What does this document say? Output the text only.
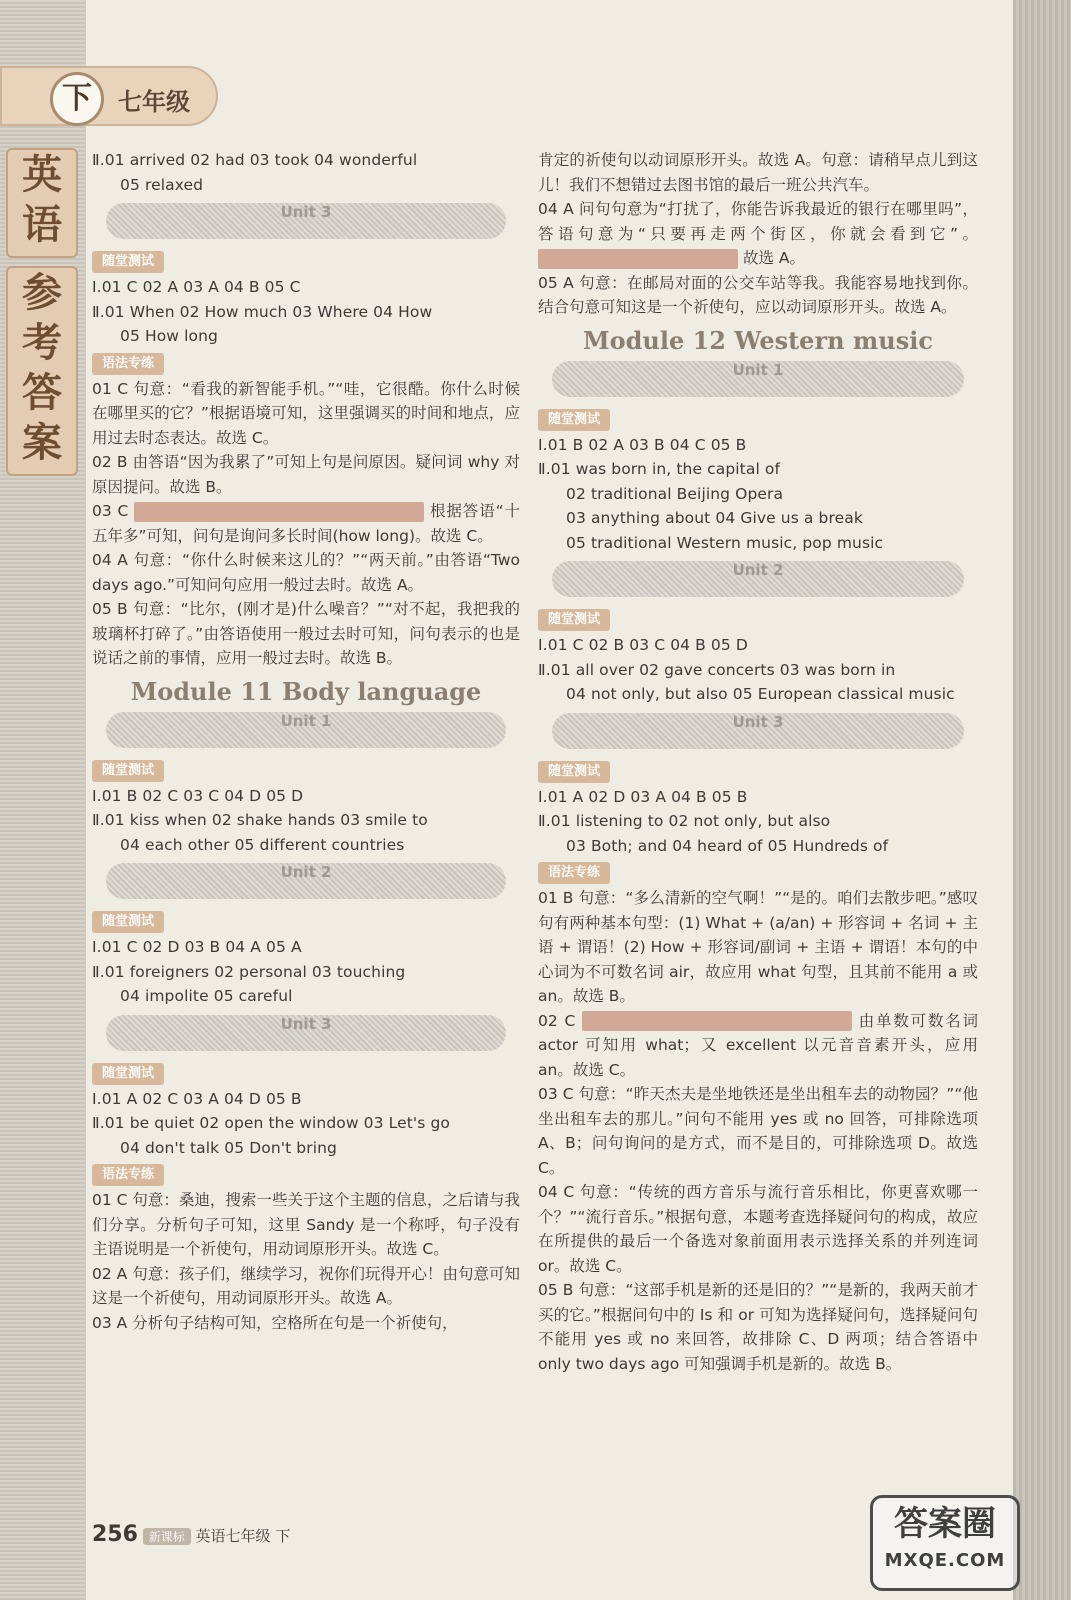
下	七年级
英语
参考答案
Ⅱ.01 arrived 02 had 03 took 04 wonderful
05 relaxed
Unit 3
随堂测试
Ⅰ.01 C 02 A 03 A 04 B 05 C
Ⅱ.01 When 02 How much 03 Where 04 How
05 How long
语法专练
01 C 句意：“看我的新智能手机。”“哇，它很酷。你什么时候在哪里买的它？”根据语境可知，这里强调买的时间和地点，应用过去时态表达。故选 C。
02 B 由答语“因为我累了”可知上句是问原因。疑问词 why 对原因提问。故选 B。
03 C	根据答语“十五年多”可知，问句是询问多长时间(how long)。故选 C。
04 A 句意：“你什么时候来这儿的？”“两天前。”由答语“Two days ago.”可知问句应用一般过去时。故选 A。
05 B 句意：“比尔，(刚才是)什么噪音？”“对不起，我把我的玻璃杯打碎了。”由答语使用一般过去时可知，问句表示的也是说话之前的事情，应用一般过去时。故选 B。
Module 11 Body language
Unit 1
随堂测试
Ⅰ.01 B 02 C 03 C 04 D 05 D
Ⅱ.01 kiss when 02 shake hands 03 smile to
04 each other 05 different countries
Unit 2
随堂测试
Ⅰ.01 C 02 D 03 B 04 A 05 A
Ⅱ.01 foreigners 02 personal 03 touching
04 impolite 05 careful
Unit 3
随堂测试
Ⅰ.01 A 02 C 03 A 04 D 05 B
Ⅱ.01 be quiet 02 open the window 03 Let's go
04 don't talk 05 Don't bring
语法专练
01 C 句意：桑迪，搜索一些关于这个主题的信息，之后请与我们分享。分析句子可知，这里 Sandy 是一个称呼，句子没有主语说明是一个祈使句，用动词原形开头。故选 C。
02 A 句意：孩子们，继续学习，祝你们玩得开心！由句意可知这是一个祈使句，用动词原形开头。故选 A。
03 A 分析句子结构可知，空格所在句是一个祈使句，
肯定的祈使句以动词原形开头。故选 A。句意：请稍早点儿到这儿！我们不想错过去图书馆的最后一班公共汽车。
04 A 问句句意为“打扰了，你能告诉我最近的银行在哪里吗”，答语句意为“只要再走两个街区，你就会看到它”。  故选 A。
05 A 句意：在邮局对面的公交车站等我。我能容易地找到你。结合句意可知这是一个祈使句，应以动词原形开头。故选 A。
Module 12 Western music
Unit 1
随堂测试
Ⅰ.01 B 02 A 03 B 04 C 05 B
Ⅱ.01 was born in, the capital of
02 traditional Beijing Opera
03 anything about 04 Give us a break
05 traditional Western music, pop music
Unit 2
随堂测试
Ⅰ.01 C 02 B 03 C 04 B 05 D
Ⅱ.01 all over 02 gave concerts 03 was born in
04 not only, but also 05 European classical music
Unit 3
随堂测试
Ⅰ.01 A 02 D 03 A 04 B 05 B
Ⅱ.01 listening to 02 not only, but also
03 Both; and 04 heard of 05 Hundreds of
语法专练
01 B 句意：“多么清新的空气啊！”“是的。咱们去散步吧。”感叹句有两种基本句型：(1) What + (a/an) + 形容词 + 名词 + 主语 + 谓语！(2) How + 形容词/副词 + 主语 + 谓语！本句的中心词为不可数名词 air，故应用 what 句型，且其前不能用 a 或 an。故选 B。
02 C	由单数可数名词 actor 可知用 what；又 excellent 以元音音素开头，应用 an。故选 C。
03 C 句意：“昨天杰夫是坐地铁还是坐出租车去的动物园？”“他坐出租车去的那儿。”问句不能用 yes 或 no 回答，可排除选项 A、B；问句询问的是方式，而不是目的，可排除选项 D。故选 C。
04 C 句意：“传统的西方音乐与流行音乐相比，你更喜欢哪一个？”“流行音乐。”根据句意，本题考查选择疑问句的构成，故应在所提供的最后一个备选对象前面用表示选择关系的并列连词 or。故选 C。
05 B 句意：“这部手机是新的还是旧的？”“是新的，我两天前才买的它。”根据问句中的 Is 和 or 可知为选择疑问句，选择疑问句不能用 yes 或 no 来回答，故排除 C、D 两项；结合答语中 only two days ago 可知强调手机是新的。故选 B。
256 新课标 英语七年级 下	答案圈
MXQE.COM
